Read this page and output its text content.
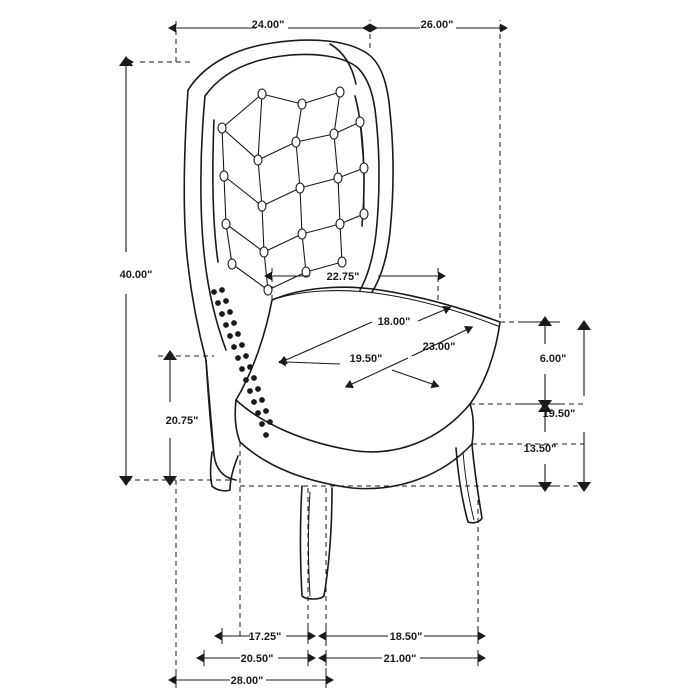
24.00"	26.00"
40.00"
20.75"
22.75"
18.00"
19.50"
23.00"
6.00"
19.50"
13.50"
17.25"	18.50"
20.50"	21.00"
28.00"
